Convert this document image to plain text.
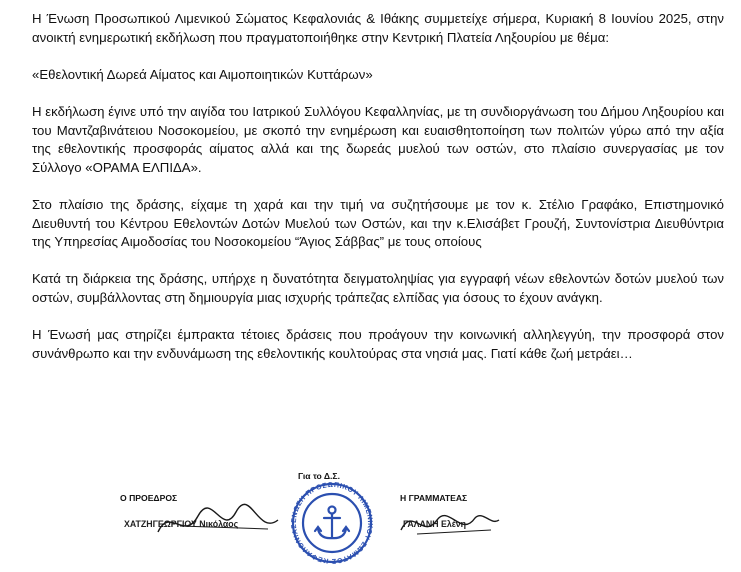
Η Ένωση Προσωπικού Λιμενικού Σώματος Κεφαλονιάς & Ιθάκης συμμετείχε σήμερα, Κυριακή 8 Ιουνίου 2025, στην ανοικτή ενημερωτική εκδήλωση που πραγματοποιήθηκε στην Κεντρική Πλατεία Ληξουρίου με θέμα:

«Εθελοντική Δωρεά Αίματος και Αιμοποιητικών Κυττάρων»

Η εκδήλωση έγινε υπό την αιγίδα του Ιατρικού Συλλόγου Κεφαλληνίας, με τη συνδιοργάνωση του Δήμου Ληξουρίου και του Μαντζαβινάτειου Νοσοκομείου, με σκοπό την ενημέρωση και ευαισθητοποίηση των πολιτών γύρω από την αξία της εθελοντικής προσφοράς αίματος αλλά και της δωρεάς μυελού των οστών, στο πλαίσιο συνεργασίας με τον Σύλλογο «ΟΡΑΜΑ ΕΛΠΙΔΑ».

Στο πλαίσιο της δράσης, είχαμε τη χαρά και την τιμή να συζητήσουμε με τον κ. Στέλιο Γραφάκο, Επιστημονικό Διευθυντή του Κέντρου Εθελοντών Δοτών Μυελού των Οστών, και την κ.Ελισάβετ Γρουζή, Συντονίστρια Διευθύντρια της Υπηρεσίας Αιμοδοσίας του Νοσοκομείου “Άγιος Σάββας” με τους οποίους

Κατά τη διάρκεια της δράσης, υπήρχε η δυνατότητα δειγματοληψίας για εγγραφή νέων εθελοντών δοτών μυελού των οστών, συμβάλλοντας στη δημιουργία μιας ισχυρής τράπεζας ελπίδας για όσους το έχουν ανάγκη.

Η Ένωσή μας στηρίζει έμπρακτα τέτοιες δράσεις που προάγουν την κοινωνική αλληλεγγύη, την προσφορά στον συνάνθρωπο και την ενδυνάμωση της εθελοντικής κουλτούρας στα νησιά μας. Γιατί κάθε ζωή μετράει…

Για το Δ.Σ.
Ο ΠΡΟΕΔΡΟΣ	Η ΓΡΑΜΜΑΤΕΑΣ
ΧΑΤΖΗΓΕΩΡΓΙΟΥ Νικόλαος	ΓΑΛΑΝΗ Ελένη
ΕΝΩΣΗ ΠΡΟΣΩΠΙΚΟΥ ΛΙΜΕΝΙΚΟΥ ΣΩΜΑΤΟΣ ΚΕΦΑΛΟΝΙΑΣ
